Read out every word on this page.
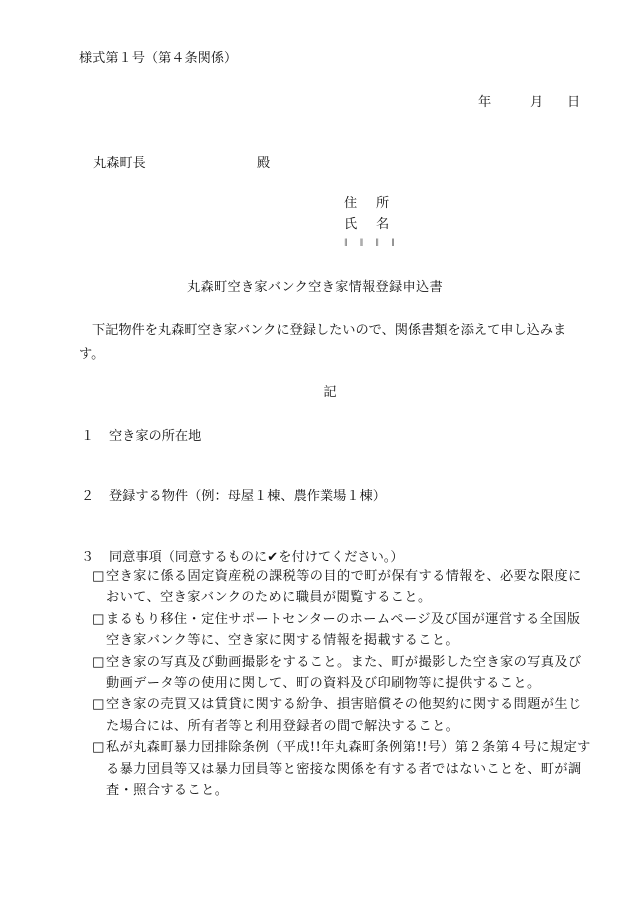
様式第１号（第４条関係）
年	月 日
丸森町長	殿
住 所
氏 名
‖ ‖ ‖ ‖
丸森町空き家バンク空き家情報登録申込書
下記物件を丸森町空き家バンクに登録したいので、関係書類を添えて申し込みます。
記
１ 空き家の所在地
２ 登録する物件（例：母屋１棟、農作業場１棟）
３ 同意事項（同意するものに✔を付けてください。）
□ 空き家に係る固定資産税の課税等の目的で町が保有する情報を、必要な限度において、空き家バンクのために職員が閲覧すること。
□ まるもり移住・定住サポートセンターのホームページ及び国が運営する全国版空き家バンク等に、空き家に関する情報を掲載すること。
□ 空き家の写真及び動画撮影をすること。また、町が撮影した空き家の写真及び動画データ等の使用に関して、町の資料及び印刷物等に提供すること。
□ 空き家の売買又は賃貸に関する紛争、損害賠償その他契約に関する問題が生じた場合には、所有者等と利用登録者の間で解決すること。
□ 私が丸森町暴力団排除条例（平成!!年丸森町条例第!!号）第２条第４号に規定する暴力団員等又は暴力団員等と密接な関係を有する者ではないことを、町が調査・照合すること。
